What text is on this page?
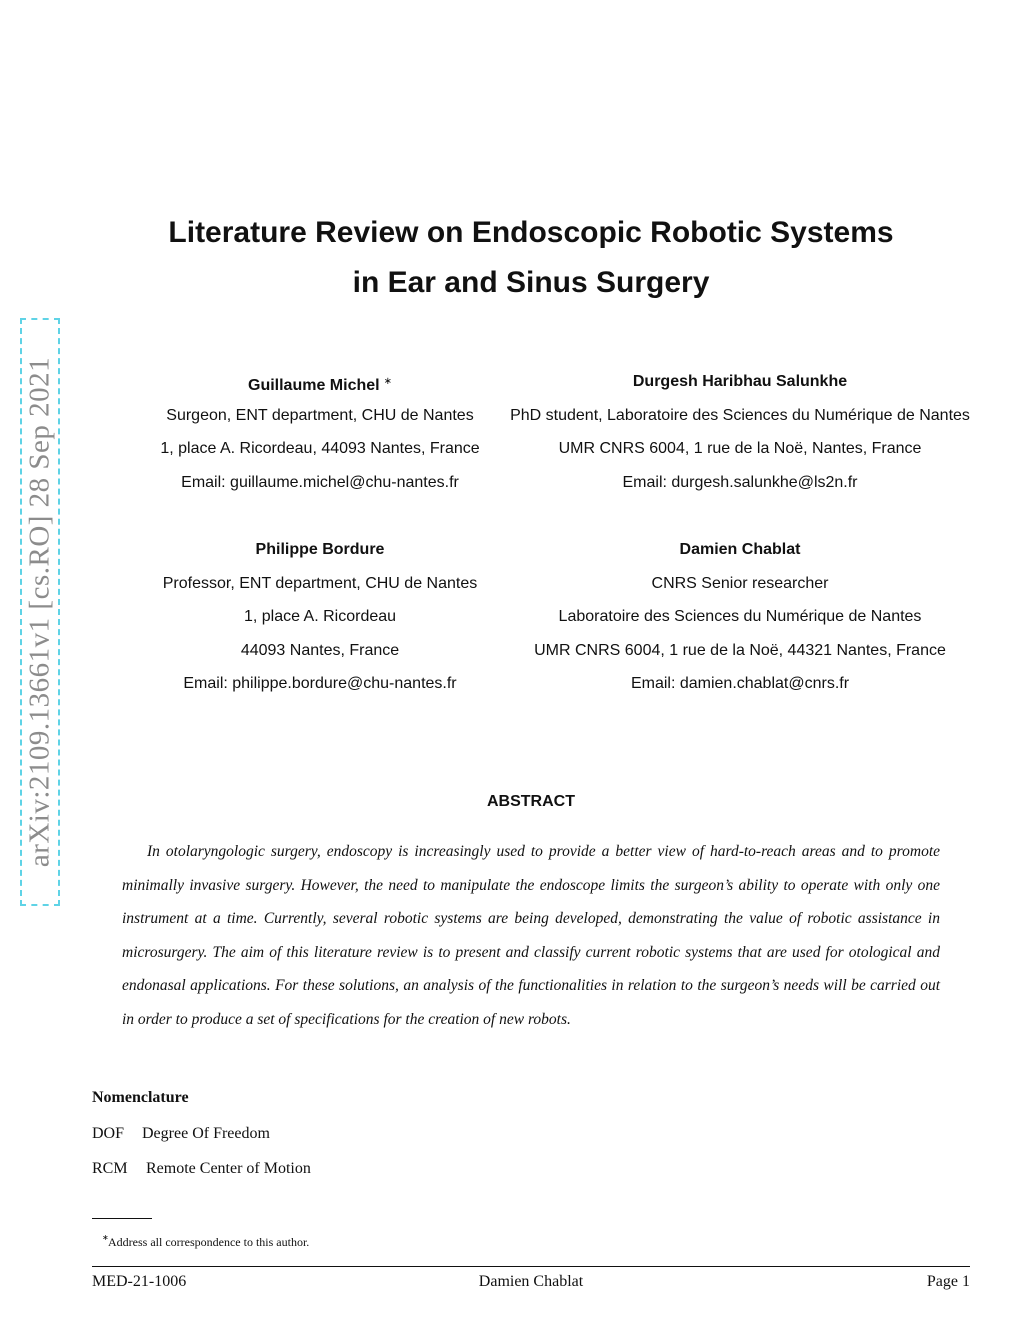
arXiv:2109.13661v1 [cs.RO] 28 Sep 2021
Literature Review on Endoscopic Robotic Systems
in Ear and Sinus Surgery
Guillaume Michel ∗
Surgeon, ENT department, CHU de Nantes
1, place A. Ricordeau, 44093 Nantes, France
Email: guillaume.michel@chu-nantes.fr
Durgesh Haribhau Salunkhe
PhD student, Laboratoire des Sciences du Numérique de Nantes
UMR CNRS 6004, 1 rue de la Noë, Nantes, France
Email: durgesh.salunkhe@ls2n.fr
Philippe Bordure
Professor, ENT department, CHU de Nantes
1, place A. Ricordeau
44093 Nantes, France
Email: philippe.bordure@chu-nantes.fr
Damien Chablat
CNRS Senior researcher
Laboratoire des Sciences du Numérique de Nantes
UMR CNRS 6004, 1 rue de la Noë, 44321 Nantes, France
Email: damien.chablat@cnrs.fr
ABSTRACT

In otolaryngologic surgery, endoscopy is increasingly used to provide a better view of hard-to-reach areas and to promote minimally invasive surgery. However, the need to manipulate the endoscope limits the surgeon’s ability to operate with only one instrument at a time. Currently, several robotic systems are being developed, demonstrating the value of robotic assistance in microsurgery. The aim of this literature review is to present and classify current robotic systems that are used for otological and endonasal applications. For these solutions, an analysis of the functionalities in relation to the surgeon’s needs will be carried out in order to produce a set of specifications for the creation of new robots.

Nomenclature
DOF Degree Of Freedom
RCM Remote Center of Motion
∗ Address all correspondence to this author.
MED-21-1006	Damien Chablat	Page 1
